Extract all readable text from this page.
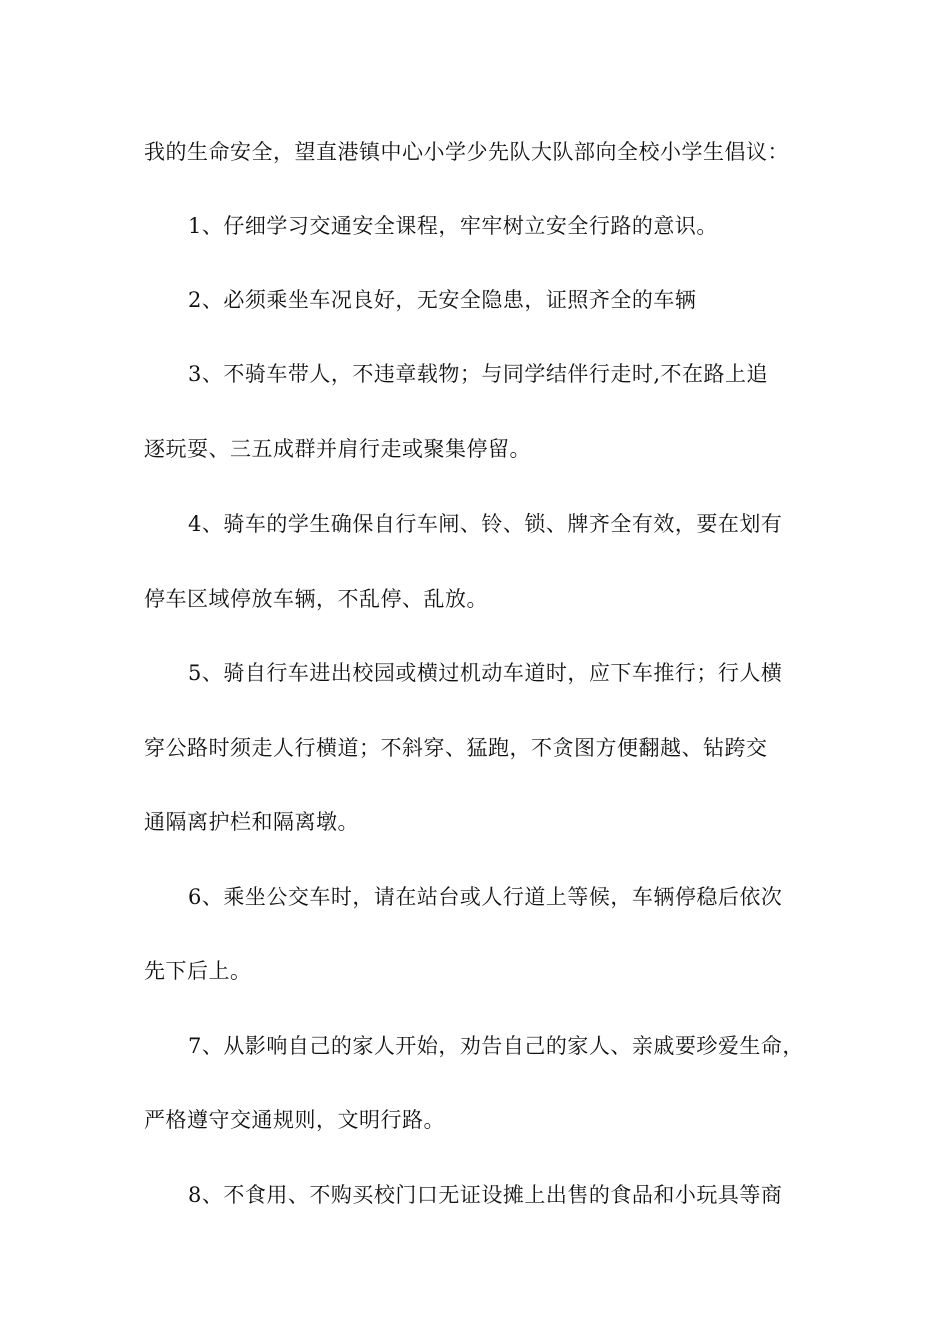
我的生命安全，望直港镇中心小学少先队大队部向全校小学生倡议：
1、仔细学习交通安全课程，牢牢树立安全行路的意识。
2、必须乘坐车况良好，无安全隐患，证照齐全的车辆
3、不骑车带人，不违章载物；与同学结伴行走时,不在路上追
逐玩耍、三五成群并肩行走或聚集停留。
4、骑车的学生确保自行车闸、铃、锁、牌齐全有效，要在划有
停车区域停放车辆，不乱停、乱放。
5、骑自行车进出校园或横过机动车道时，应下车推行；行人横
穿公路时须走人行横道；不斜穿、猛跑，不贪图方便翻越、钻跨交
通隔离护栏和隔离墩。
6、乘坐公交车时，请在站台或人行道上等候，车辆停稳后依次
先下后上。
7、从影响自己的家人开始，劝告自己的家人、亲戚要珍爱生命，
严格遵守交通规则，文明行路。
8、不食用、不购买校门口无证设摊上出售的食品和小玩具等商
